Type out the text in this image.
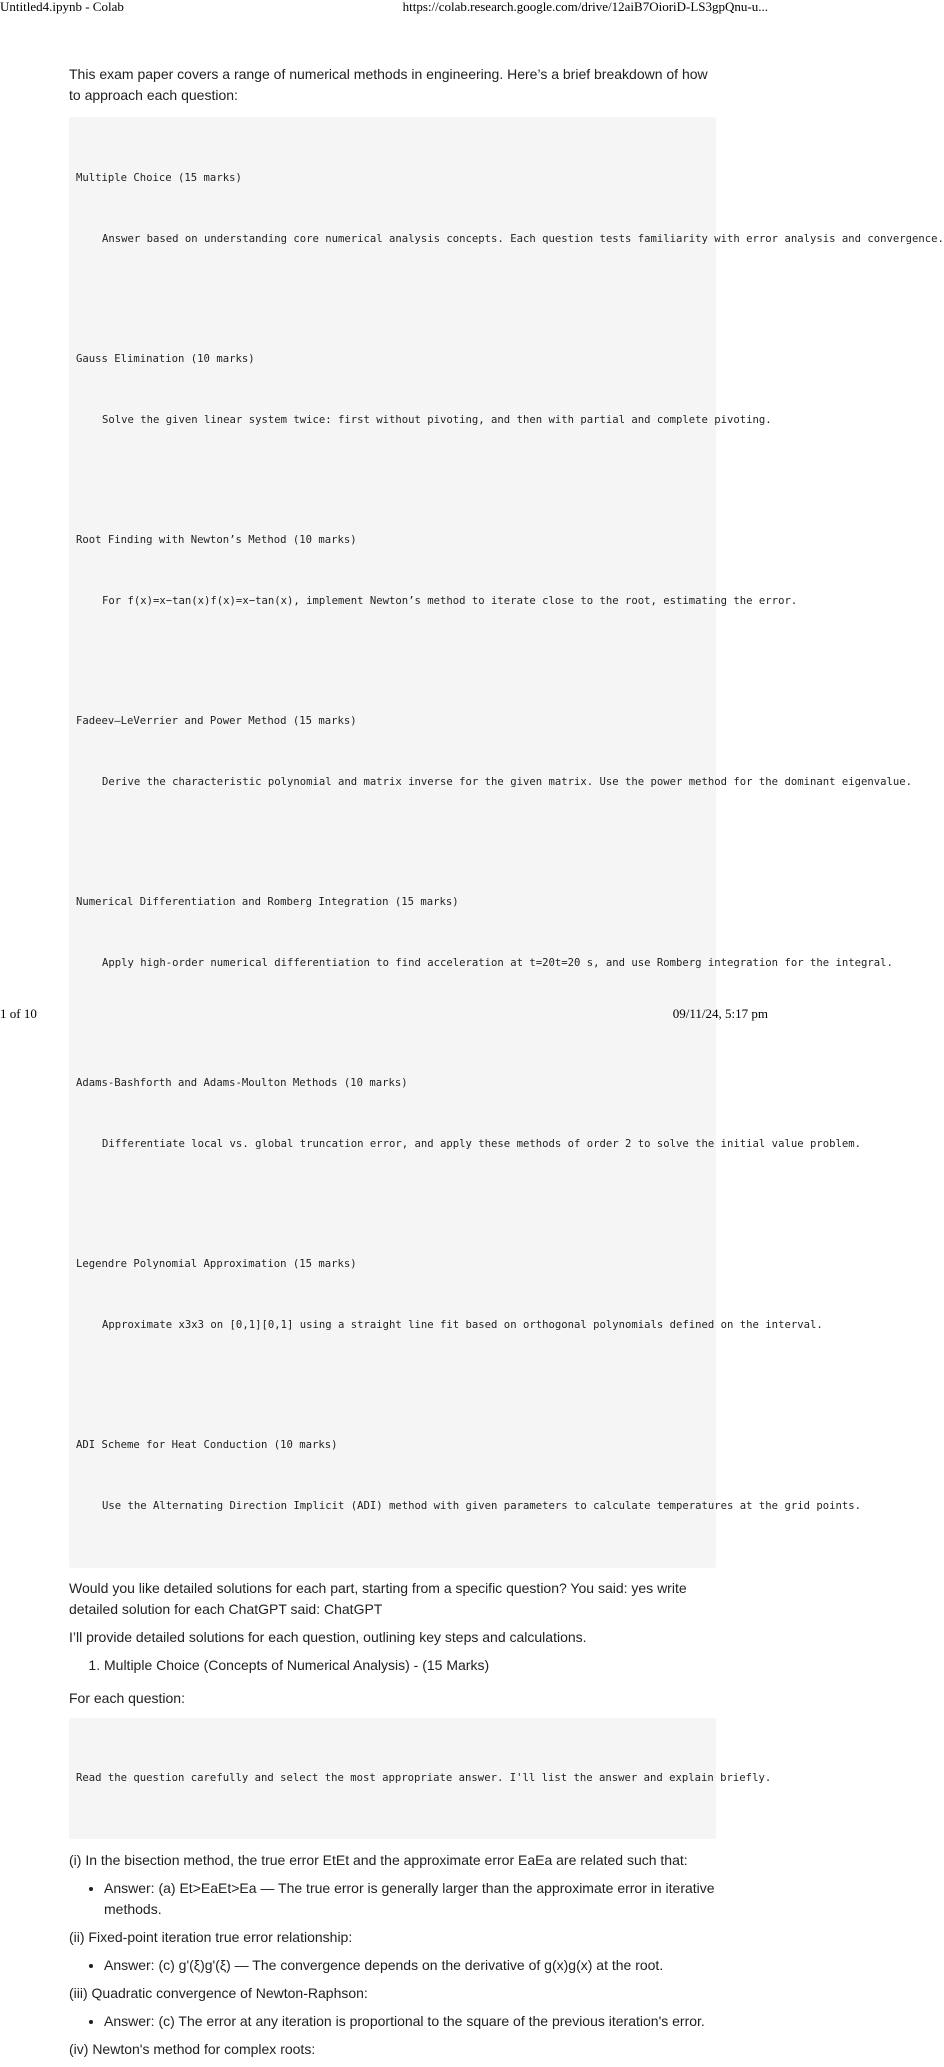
Untitled4.ipynb - Colab	https://colab.research.google.com/drive/12aiB7OioriD-LS3gpQnu-u...

This exam paper covers a range of numerical methods in engineering. Here’s a brief breakdown of how to approach each question:

Multiple Choice (15 marks)

Answer based on understanding core numerical analysis concepts. Each question tests familiarity with error analysis and convergence.

Gauss Elimination (10 marks)

Solve the given linear system twice: first without pivoting, and then with partial and complete pivoting.

Root Finding with Newton’s Method (10 marks)

For f(x)=x−tan(x)f(x)=x−tan(x), implement Newton’s method to iterate close to the root, estimating the error.

Fadeev–LeVerrier and Power Method (15 marks)

Derive the characteristic polynomial and matrix inverse for the given matrix. Use the power method for the dominant eigenvalue.

Numerical Differentiation and Romberg Integration (15 marks)

Apply high-order numerical differentiation to find acceleration at t=20t=20 s, and use Romberg integration for the integral.

Adams-Bashforth and Adams-Moulton Methods (10 marks)

Differentiate local vs. global truncation error, and apply these methods of order 2 to solve the initial value problem.

Legendre Polynomial Approximation (15 marks)

Approximate x3x3 on [0,1][0,1] using a straight line fit based on orthogonal polynomials defined on the interval.

ADI Scheme for Heat Conduction (10 marks)

Use the Alternating Direction Implicit (ADI) method with given parameters to calculate temperatures at the grid points.

Would you like detailed solutions for each part, starting from a specific question? You said: yes write detailed solution for each ChatGPT said: ChatGPT

I’ll provide detailed solutions for each question, outlining key steps and calculations.

1. Multiple Choice (Concepts of Numerical Analysis) - (15 Marks)

For each question:

Read the question carefully and select the most appropriate answer. I'll list the answer and explain briefly.

(i) In the bisection method, the true error EtEt and the approximate error EaEa are related such that:

• Answer: (a) Et>EaEt>Ea — The true error is generally larger than the approximate error in iterative methods.

(ii) Fixed-point iteration true error relationship:

• Answer: (c) g'(ξ)g'(ξ) — The convergence depends on the derivative of g(x)g(x) at the root.

(iii) Quadratic convergence of Newton-Raphson:

• Answer: (c) The error at any iteration is proportional to the square of the previous iteration's error.

(iv) Newton's method for complex roots:

1 of 10	09/11/24, 5:17 pm
